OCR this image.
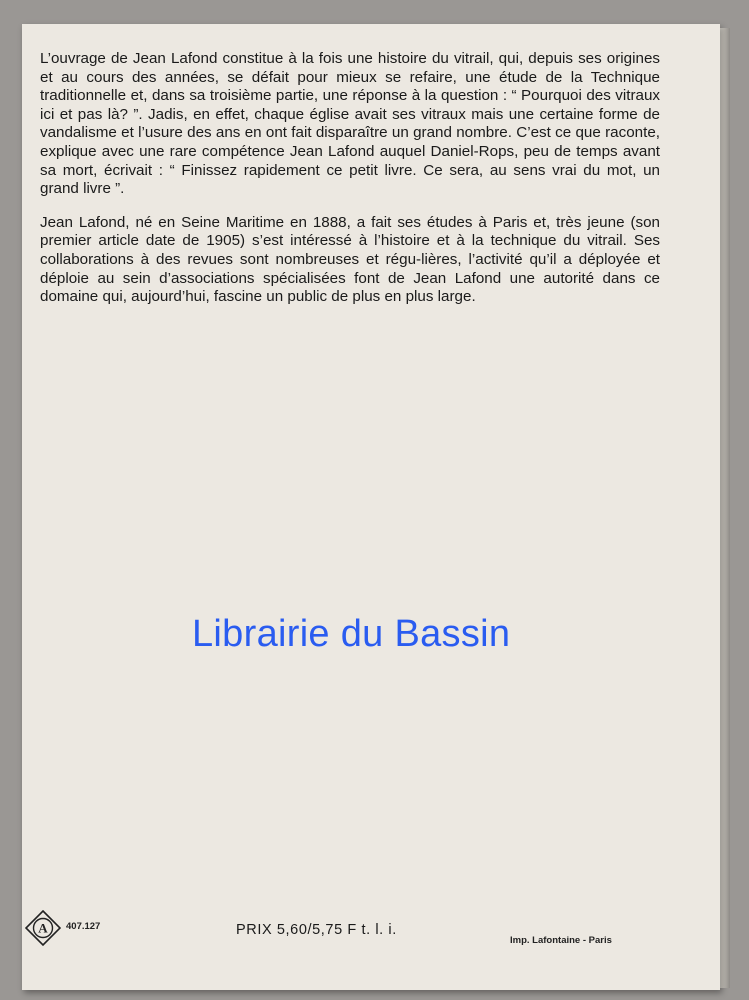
L’ouvrage de Jean Lafond constitue à la fois une histoire du vitrail, qui, depuis ses origines et au cours des années, se défait pour mieux se refaire, une étude de la Technique traditionnelle et, dans sa troisième partie, une réponse à la question : “ Pourquoi des vitraux ici et pas là? ”. Jadis, en effet, chaque église avait ses vitraux mais une certaine forme de vandalisme et l’usure des ans en ont fait disparaître un grand nombre. C’est ce que raconte, explique avec une rare compétence Jean Lafond auquel Daniel-Rops, peu de temps avant sa mort, écrivait : “ Finissez rapidement ce petit livre. Ce sera, au sens vrai du mot, un grand livre ”.

Jean Lafond, né en Seine Maritime en 1888, a fait ses études à Paris et, très jeune (son premier article date de 1905) s’est intéressé à l’histoire et à la technique du vitrail. Ses collaborations à des revues sont nombreuses et régu-lières, l’activité qu’il a déployée et déploie au sein d’associations spécialisées font de Jean Lafond une autorité dans ce domaine qui, aujourd’hui, fascine un public de plus en plus large.

Librairie du Bassin
A 407.127	PRIX 5,60/5,75 F t. l. i.
Imp. Lafontaine - Paris
